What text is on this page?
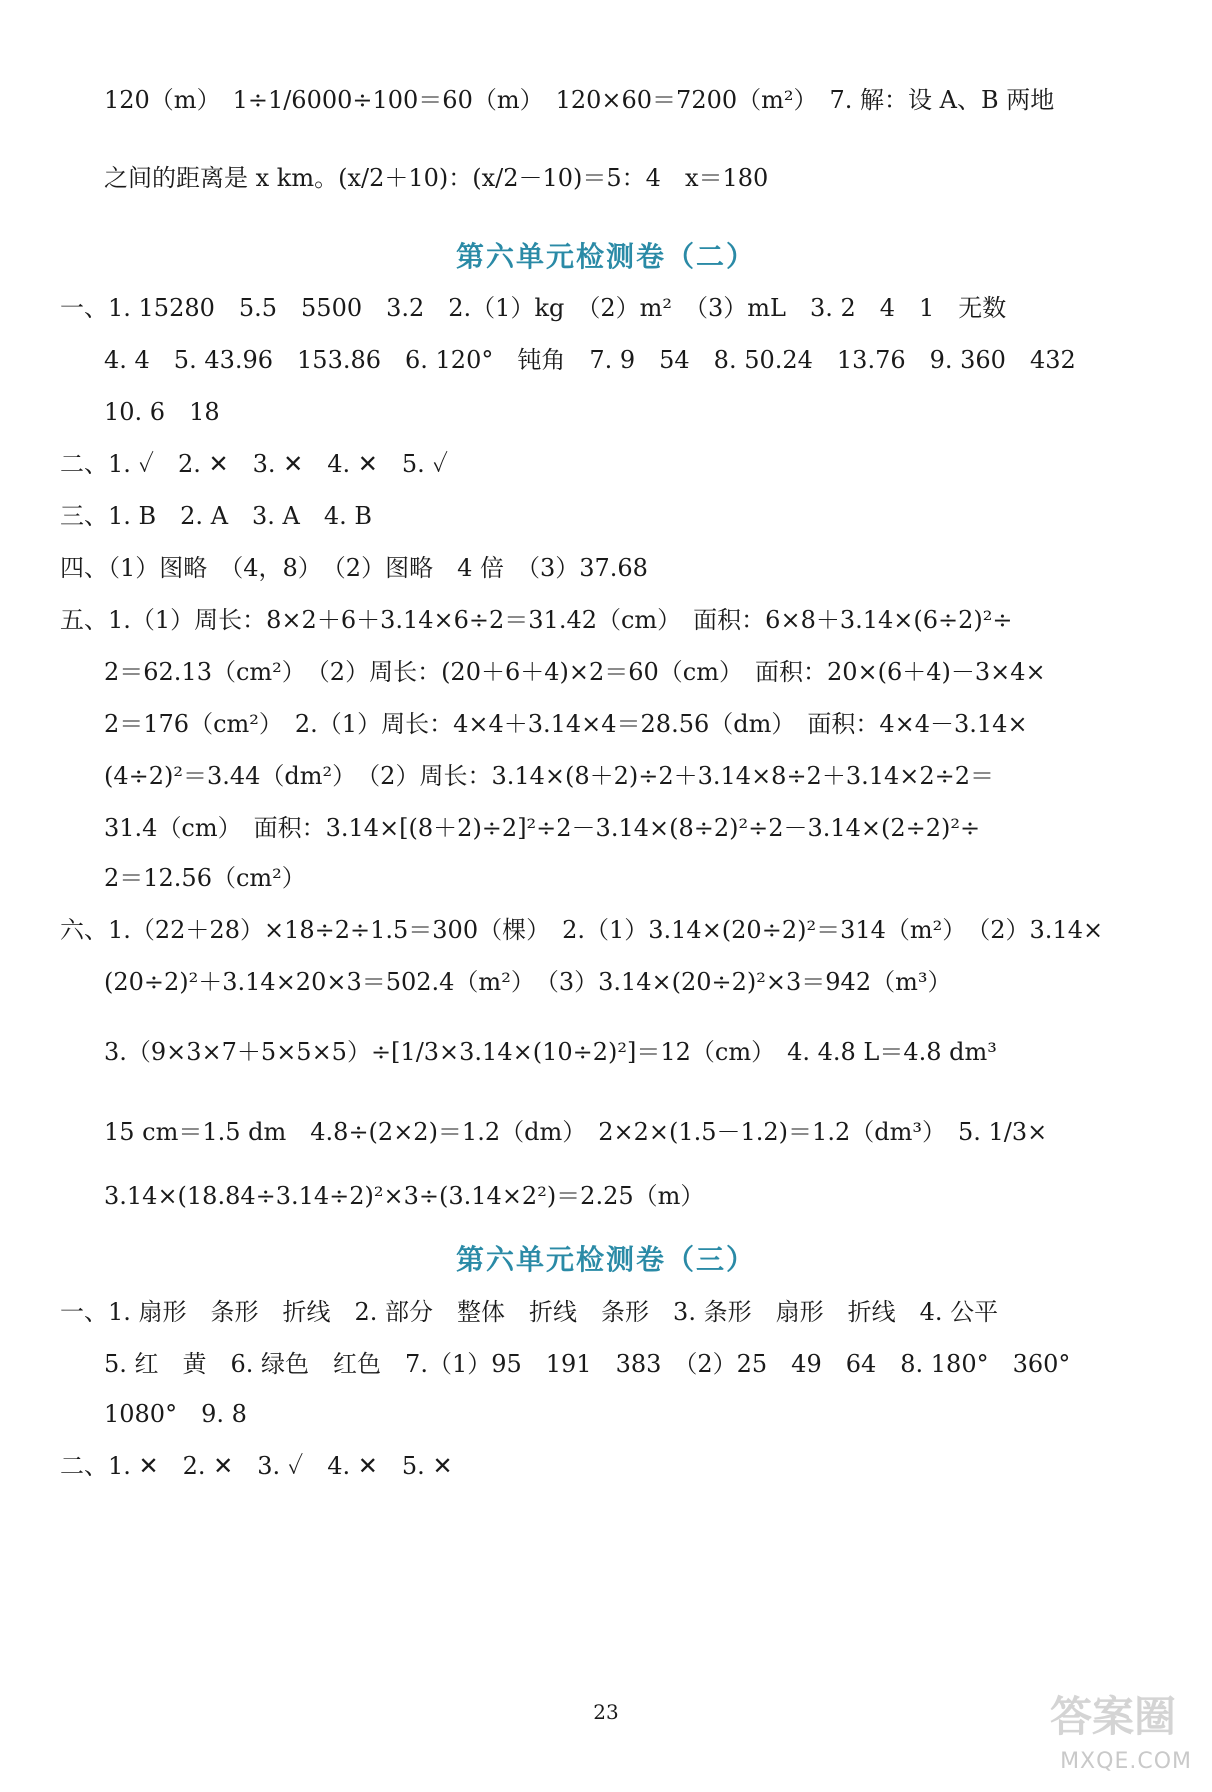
120（m）　1÷1/6000÷100＝60（m）　120×60＝7200（m²）　7. 解：设 A、B 两地
之间的距离是 x km。(x/2＋10)：(x/2－10)＝5：4　x＝180
第六单元检测卷（二）
一、1. 15280　5.5　5500　3.2　2.（1）kg　（2）m²　（3）mL　3. 2　4　1　无数
4. 4　5. 43.96　153.86　6. 120°　钝角　7. 9　54　8. 50.24　13.76　9. 360　432
10. 6　18
二、1. ✓　2. ✕　3. ✕　4. ✕　5. ✓
三、1. B　2. A　3. A　4. B
四、（1）图略　（4，8）　（2）图略　4 倍　（3）37.68
五、1.（1）周长：8×2＋6＋3.14×6÷2＝31.42（cm）　面积：6×8＋3.14×(6÷2)²÷
2＝62.13（cm²）　（2）周长：(20＋6＋4)×2＝60（cm）　面积：20×(6＋4)－3×4×
2＝176（cm²）　2.（1）周长：4×4＋3.14×4＝28.56（dm）　面积：4×4－3.14×
(4÷2)²＝3.44（dm²）　（2）周长：3.14×(8＋2)÷2＋3.14×8÷2＋3.14×2÷2＝
31.4（cm）　面积：3.14×[(8＋2)÷2]²÷2－3.14×(8÷2)²÷2－3.14×(2÷2)²÷
2＝12.56（cm²）
六、1.（22＋28）×18÷2÷1.5＝300（棵）　2.（1）3.14×(20÷2)²＝314（m²）　（2）3.14×
(20÷2)²＋3.14×20×3＝502.4（m²）　（3）3.14×(20÷2)²×3＝942（m³）
3.（9×3×7＋5×5×5）÷[1/3×3.14×(10÷2)²]＝12（cm）　4. 4.8 L＝4.8 dm³
15 cm＝1.5 dm　4.8÷(2×2)＝1.2（dm）　2×2×(1.5－1.2)＝1.2（dm³）　5. 1/3×
3.14×(18.84÷3.14÷2)²×3÷(3.14×2²)＝2.25（m）
第六单元检测卷（三）
一、1. 扇形　条形　折线　2. 部分　整体　折线　条形　3. 条形　扇形　折线　4. 公平
5. 红　黄　6. 绿色　红色　7.（1）95　191　383　（2）25　49　64　8. 180°　360°
1080°　9. 8
二、1. ✕　2. ✕　3. ✓　4. ✕　5. ✕
23	答案圈
MXQE.COM
